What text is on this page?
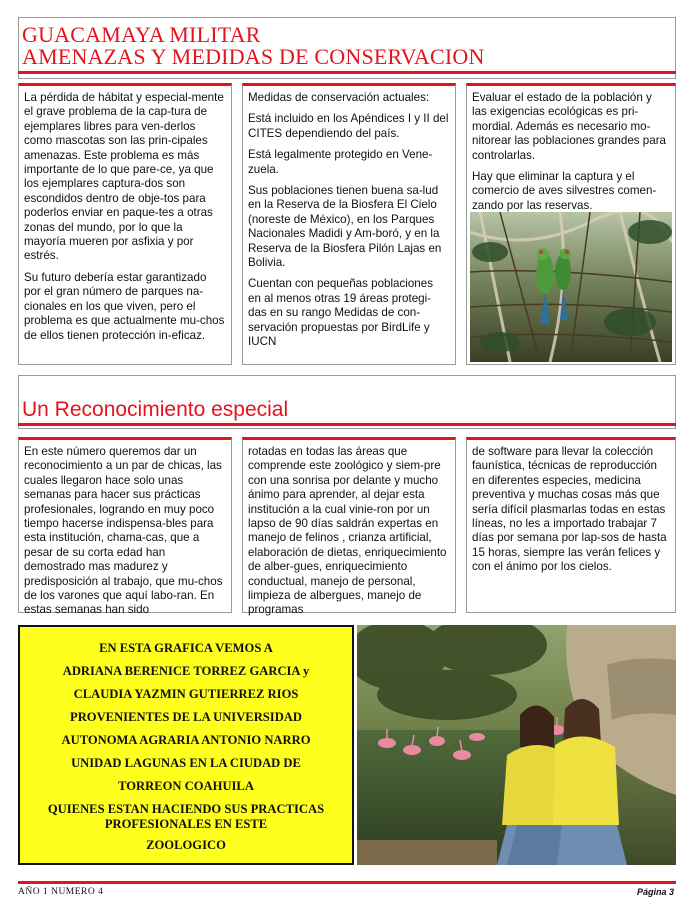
GUACAMAYA MILITAR
AMENAZAS Y MEDIDAS DE CONSERVACION

La pérdida de hábitat y especial-mente el grave problema de la cap-tura de ejemplares libres para ven-derlos como mascotas son las prin-cipales amenazas. Este problema es más importante de lo que pare-ce, ya que los ejemplares captura-dos son escondidos dentro de obje-tos para poderlos enviar en paque-tes a otras zonas del mundo, por lo que la mayoría mueren por asfixia y por estrés.

Su futuro debería estar garantizado por el gran número de parques na-cionales en los que viven, pero el problema es que actualmente mu-chos de ellos tienen protección in-eficaz.

Medidas de conservación actuales:

Está incluido en los Apéndices I y II del CITES dependiendo del país.

Está legalmente protegido en Vene-zuela.

Sus poblaciones tienen buena sa-lud en la Reserva de la Biosfera El Cielo (noreste de México), en los Parques Nacionales Madidi y Am-boró, y en la Reserva de la Biosfera Pilón Lajas en Bolivia.

Cuentan con pequeñas poblaciones en al menos otras 19 áreas protegi-das en su rango Medidas de con-servación propuestas por BirdLife y IUCN

Evaluar el estado de la población y las exigencias ecológicas es pri-mordial. Además es necesario mo-nitorear las poblaciones grandes para controlarlas.

Hay que eliminar la captura y el comercio de aves silvestres comen-zando por las reservas.

Un Reconocimiento especial

En este número queremos dar un reconocimiento a un par de chicas, las cuales llegaron hace solo unas semanas para hacer sus prácticas profesionales, logrando en muy poco tiempo hacerse indispensa-bles para esta institución, chama-cas, que a pesar de su corta edad han demostrado mas madurez y predisposición al trabajo, que mu-chos de los varones que aquí labo-ran. En estas semanas han sido

rotadas en todas las áreas que comprende este zoológico y siem-pre con una sonrisa por delante y mucho ánimo para aprender, al dejar esta institución a la cual vinie-ron por un lapso de 90 días saldrán expertas en manejo de felinos , crianza artificial, elaboración de dietas, enriquecimiento de alber-gues, enriquecimiento conductual, manejo de personal, limpieza de albergues, manejo de programas

de software para llevar la colección faunística, técnicas de reproducción en diferentes especies, medicina preventiva y muchas cosas más que sería difícil plasmarlas todas en estas líneas, no les a importado trabajar 7 días por semana por lap-sos de hasta 15 horas, siempre las verán felices y con el ánimo por los cielos.

EN ESTA GRAFICA VEMOS A
ADRIANA BERENICE TORREZ GARCIA y
CLAUDIA YAZMIN GUTIERREZ RIOS
PROVENIENTES DE LA UNIVERSIDAD
AUTONOMA AGRARIA ANTONIO NARRO
UNIDAD LAGUNAS EN LA CIUDAD DE
TORREON COAHUILA
QUIENES ESTAN HACIENDO SUS PRACTICAS PROFESIONALES EN ESTE
ZOOLOGICO
AÑO 1 NUMERO 4	Página 3
